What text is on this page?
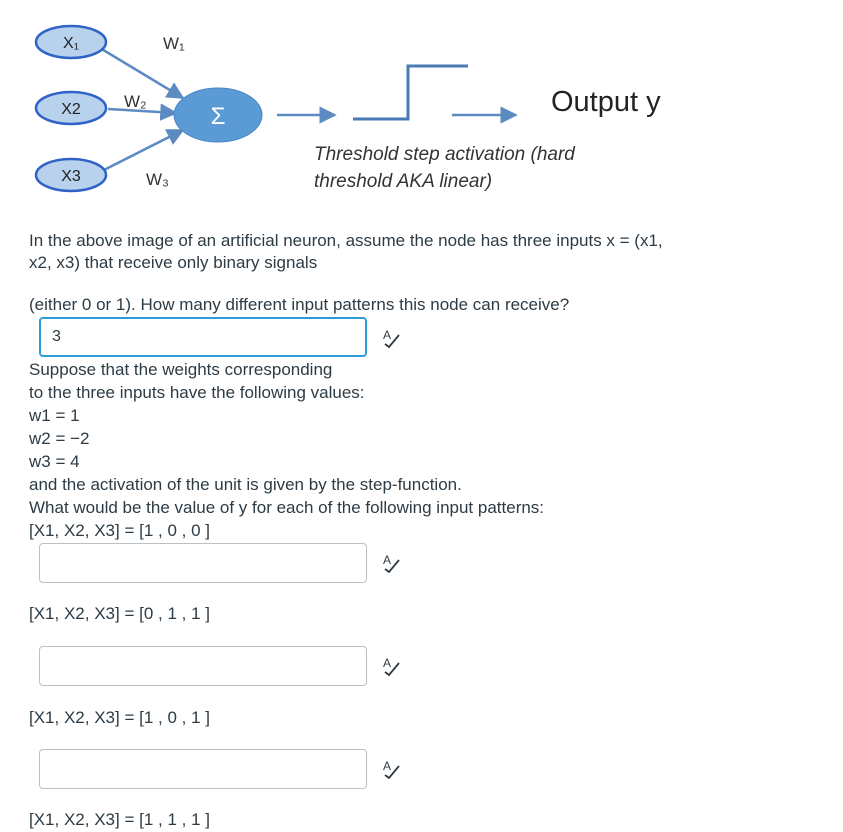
X₁
X2
X3
W₁
W₂
W₃
Σ	Output y
Threshold step activation (hard
threshold AKA linear)
In the above image of an artificial neuron, assume the node has three inputs x = (x1,
x2, x3) that receive only binary signals
(either 0 or 1). How many different input patterns this node can receive?
3
A
Suppose that the weights corresponding
to the three inputs have the following values:
w1 = 1
w2 = −2
w3 = 4
and the activation of the unit is given by the step-function.
What would be the value of y for each of the following input patterns:
[X1, X2, X3] = [1 , 0 , 0 ]
A
[X1, X2, X3] = [0 , 1 , 1 ]
A
[X1, X2, X3] = [1 , 0 , 1 ]
A
[X1, X2, X3] = [1 , 1 , 1 ]
